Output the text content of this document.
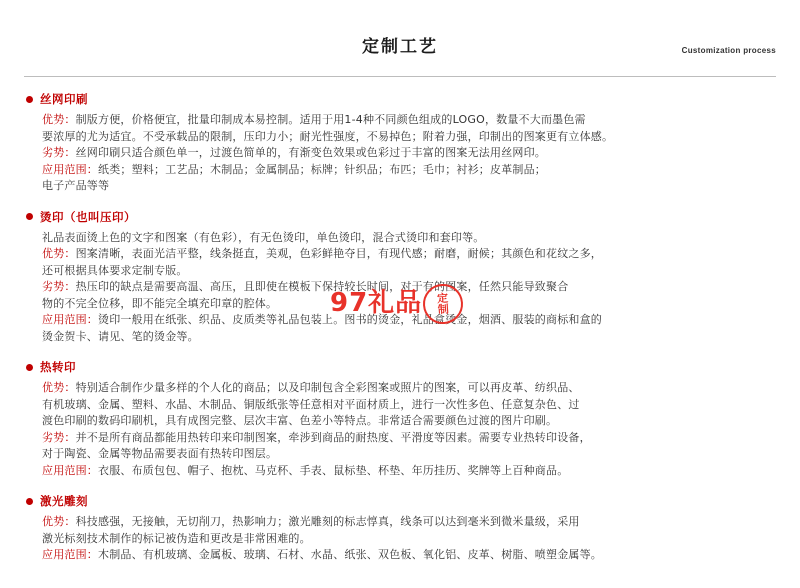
定制工艺	Customization process
丝网印刷
优势：制版方便，价格便宜，批量印制成本易控制。适用于用1-4种不同颜色组成的LOGO，数量不大而墨色需
要浓厚的尤为适宜。不受承载品的限制，压印力小；耐光性强度，不易掉色；附着力强，印制出的图案更有立体感。
劣势：丝网印刷只适合颜色单一，过渡色简单的，有渐变色效果或色彩过于丰富的图案无法用丝网印。
应用范围：纸类；塑料；工艺品；木制品；金属制品；标牌；针织品；布匹；毛巾；衬衫；皮革制品；
电子产品等等
烫印（也叫压印）
礼品表面烫上色的文字和图案（有色彩），有无色烫印，单色烫印，混合式烫印和套印等。
优势：图案清晰，表面光洁平整，线条挺直，美观，色彩鲜艳夺目，有现代感；耐磨，耐候；其颜色和花纹之多，
还可根据具体要求定制专版。
劣势：热压印的缺点是需要高温、高压，且即使在模板下保持较长时间，对于有的图案，任然只能导致聚合
物的不完全位移，即不能完全填充印章的腔体。
应用范围：烫印一般用在纸张、织品、皮质类等礼品包装上。图书的烫金，礼品盒烫金，烟酒、服装的商标和盒的
烫金贺卡、请见、笔的烫金等。
热转印
优势：特别适合制作少量多样的个人化的商品；以及印制包含全彩图案或照片的图案，可以再皮革、纺织品、
有机玻璃、金属、塑料、水晶、木制品、铜版纸张等任意相对平面材质上，进行一次性多色、任意复杂色、过
渡色印刷的数码印刷机，具有成图完整、层次丰富、色差小等特点。非常适合需要颜色过渡的图片印刷。
劣势：并不是所有商品都能用热转印来印制图案，牵涉到商品的耐热度、平滑度等因素。需要专业热转印设备，
对于陶瓷、金属等物品需要表面有热转印图层。
应用范围：衣服、布质包包、帽子、抱枕、马克杯、手表、鼠标垫、杯垫、年历挂历、奖牌等上百种商品。
激光雕刻
优势：科技感强，无接触，无切削刀，热影响力；激光雕刻的标志惇真，线条可以达到毫米到微米量级，采用
激光标刻技术制作的标记被伪造和更改是非常困难的。
应用范围：木制品、有机玻璃、金属板、玻璃、石材、水晶、纸张、双色板、氧化铝、皮革、树脂、喷塑金属等。
97礼品	定
制
